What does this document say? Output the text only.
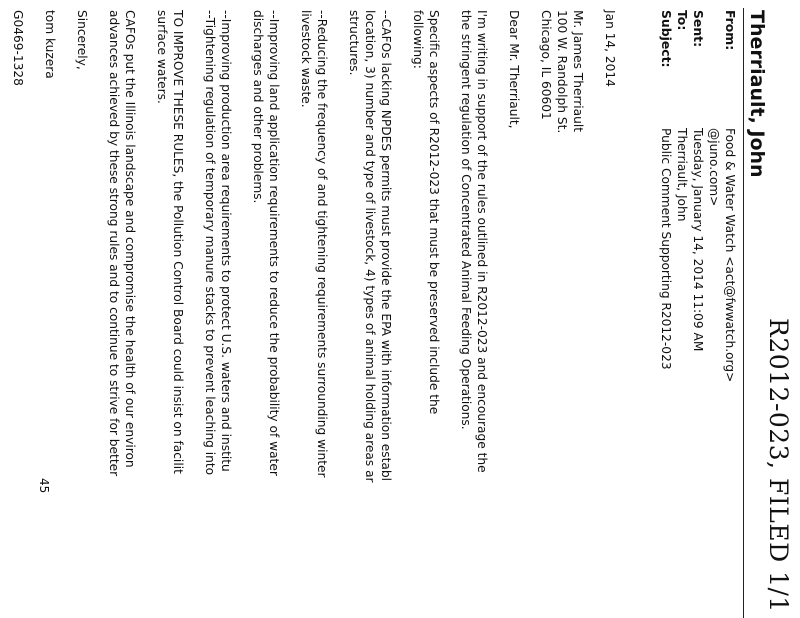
R2012-023, FILED 1/1
Therriault, John
From:
Food & Water Watch <act@fwwatch.org>
@juno.com>
Sent:
Tuesday, January 14, 2014 11:09 AM
To:
Therriault, John
Subject:
Public Comment Supporting R2012-023
Jan 14, 2014
Mr. James Therriault
100 W. Randolph St.
Chicago, IL 60601
Dear Mr. Therriault,
I'm writing in support of the rules outlined in R2012-023 and encourage the
the stringent regulation of Concentrated Animal Feeding Operations.
Specific aspects of R2012-023 that must be preserved include the
following:
--CAFOs lacking NPDES permits must provide the EPA with information establ
location, 3) number and type of livestock, 4) types of animal holding areas ar
structures.
--Reducing the frequency of and tightening requirements surrounding winter
livestock waste.
--Improving land application requirements to reduce the probability of water
discharges and other problems.
--Improving production area requirements to protect U.S. waters and institu
--Tightening regulation of temporary manure stacks to prevent leaching into
TO IMPROVE THESE RULES, the Pollution Control Board could insist on facilit
surface waters.
CAFOs put the Illinois landscape and compromise the health of our environ
advances achieved by these strong rules and to continue to strive for better
Sincerely,
tom kuzera
G0469-1328
45
